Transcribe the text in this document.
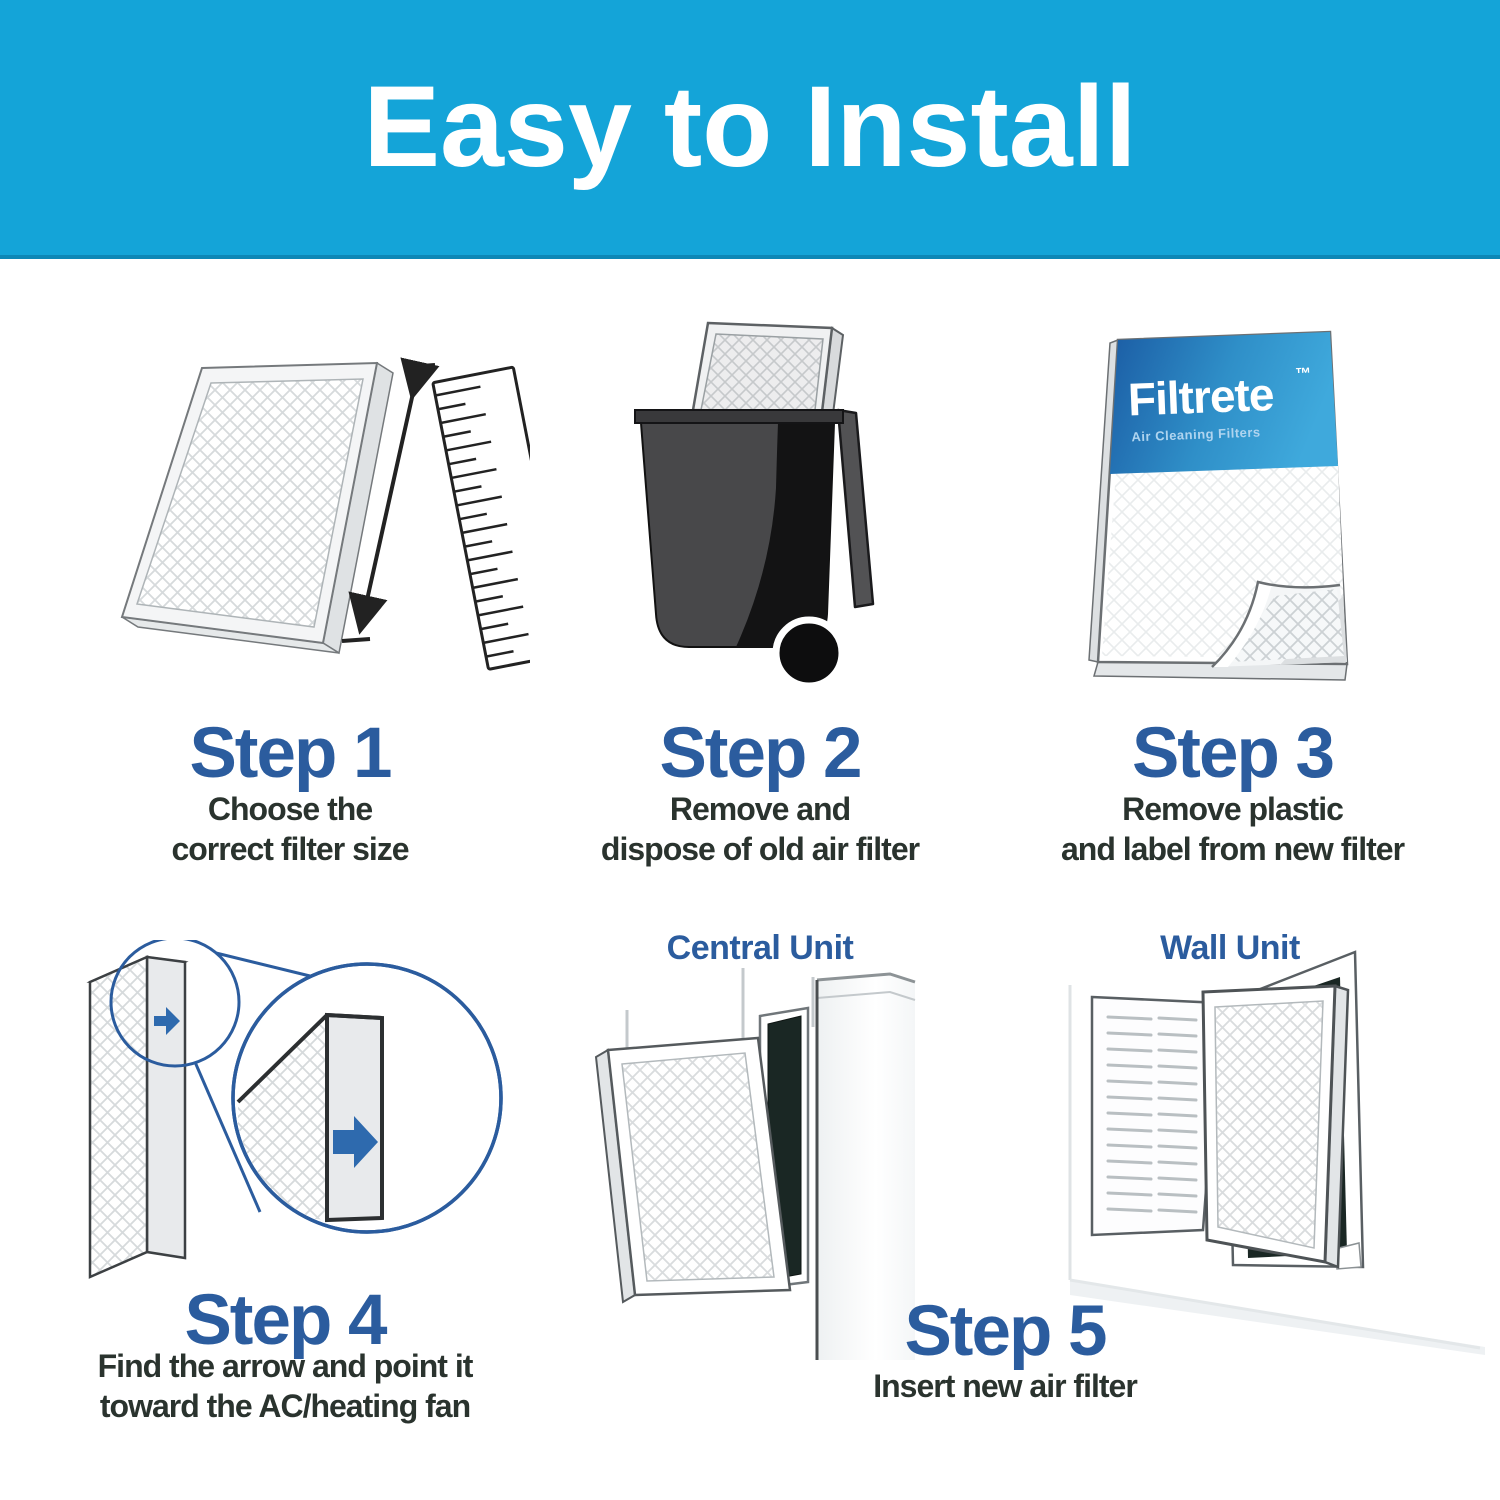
Easy to Install
Filtrete ™
Air Cleaning Filters
Step 1
Choose the
correct filter size
Step 2
Remove and
dispose of old air filter
Step 3
Remove plastic
and label from new filter
Central Unit	Wall Unit
Step 4
Find the arrow and point it
toward the AC/heating fan
Step 5
Insert new air filter
